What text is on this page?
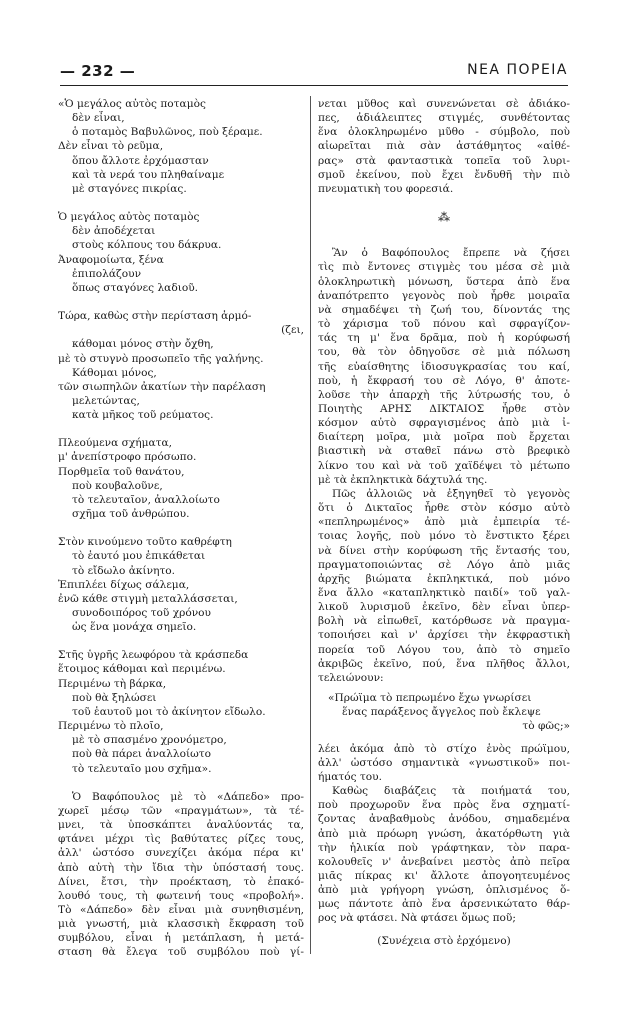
— 232 —	ΝΕΑ ΠΟΡΕΙΑ
«Ὁ μεγάλος αὐτὸς ποταμὸς
δὲν εἶναι,
ὁ ποταμὸς Βαβυλῶνος, ποὺ ξέραμε.
Δὲν εἶναι τὸ ρεῦμα,
ὅπου ἄλλοτε ἐρχόμασταν
καὶ τὰ νερά του πληθαίναμε
μὲ σταγόνες πικρίας.
Ὁ μεγάλος αὐτὸς ποταμὸς
δὲν ἀποδέχεται
στοὺς κόλπους του δάκρυα.
Ἀναφομοίωτα, ξένα
ἐπιπολάζουν
ὅπως σταγόνες λαδιοῦ.
Τώρα, καθὼς στὴν περίσταση ἁρμό-
(ζει,
κάθομαι μόνος στὴν ὄχθη,
μὲ τὸ στυγνὸ προσωπεῖο τῆς γαλήνης.
Κάθομαι μόνος,
τῶν σιωπηλῶν ἀκατίων τὴν παρέλαση
μελετώντας,
κατὰ μῆκος τοῦ ρεύματος.
Πλεούμενα σχήματα,
μ' ἀνεπίστροφο πρόσωπο.
Πορθμεῖα τοῦ θανάτου,
ποὺ κουβαλοῦνε,
τὸ τελευταῖον, ἀναλλοίωτο
σχῆμα τοῦ ἀνθρώπου.
Στὸν κινούμενο τοῦτο καθρέφτη
τὸ ἑαυτό μου ἐπικάθεται
τὸ εἴδωλο ἀκίνητο.
Ἐπιπλέει δίχως σάλεμα,
ἐνῶ κάθε στιγμὴ μεταλλάσσεται,
συνοδοιπόρος τοῦ χρόνου
ὡς ἕνα μονάχα σημεῖο.
Στῆς ὑγρῆς λεωφόρου τὰ κράσπεδα
ἕτοιμος κάθομαι καὶ περιμένω.
Περιμένω τὴ βάρκα,
ποὺ θὰ ξηλώσει
τοῦ ἑαυτοῦ μοι τὸ ἀκίνητον εἴδωλο.
Περιμένω τὸ πλοῖο,
μὲ τὸ σπασμένο χρονόμετρο,
ποὺ θὰ πάρει ἀναλλοίωτο
τὸ τελευταῖο μου σχῆμα».
Ὁ Βαφόπουλος μὲ τὸ «Δάπεδο» προ-
χωρεῖ μέσῳ τῶν «πραγμάτων», τὰ τέ-
μνει, τὰ ὑποσκάπτει ἀναλύοντάς τα,
φτάνει μέχρι τὶς βαθύτατες ρίζες τους,
ἀλλ' ὡστόσο συνεχίζει ἀκόμα πέρα κι'
ἀπὸ αὐτὴ τὴν ἴδια τὴν ὑπόστασή τους.
Δίνει, ἔτσι, τὴν προέκταση, τὸ ἐπακό-
λουθό τους, τὴ φωτεινή τους «προβολή».
Τὸ «Δάπεδο» δὲν εἶναι μιὰ συνηθισμένη,
μιὰ γνωστή, μιὰ κλασσικὴ ἔκφραση τοῦ
συμβόλου, εἶναι ἡ μετάπλαση, ἡ μετά-
σταση θὰ ἔλεγα τοῦ συμβόλου ποὺ γί-
νεται μῦθος καὶ συνενώνεται σὲ ἀδιάκο-
πες, ἀδιάλειπτες στιγμές, συνθέτοντας
ἕνα ὁλοκληρωμένο μῦθο - σύμβολο, ποὺ
αἰωρεῖται πιὰ σὰν ἀστάθμητος «αἰθέ-
ρας» στὰ φανταστικὰ τοπεῖα τοῦ λυρι-
σμοῦ ἐκείνου, ποὺ ἔχει ἔνδυθῆ τὴν πιὸ
πνευματικὴ του φορεσιά.
⁂
Ἂν ὁ Βαφόπουλος ἔπρεπε νὰ ζήσει
τὶς πιὸ ἔντονες στιγμὲς του μέσα σὲ μιὰ
ὁλοκληρωτικὴ μόνωση, ὕστερα ἀπὸ ἕνα
ἀναπότρεπτο γεγονὸς ποὺ ἦρθε μοιραῖα
νὰ σημαδέψει τὴ ζωή του, δίνοντάς της
τὸ χάρισμα τοῦ πόνου καὶ σφραγίζον-
τάς τη μ' ἕνα δρᾶμα, ποὺ ἡ κορύφωσή
του, θὰ τὸν ὁδηγοῦσε σὲ μιὰ πόλωση
τῆς εὐαίσθητης ἰδιοσυγκρασίας του καί,
ποὺ, ἡ ἔκφρασή του σὲ Λόγο, θ' ἀποτε-
λοῦσε τὴν ἀπαρχὴ τῆς λύτρωσής του, ὁ
Ποιητὴς ΑΡΗΣ ΔΙΚΤΑΙΟΣ ἦρθε στὸν
κόσμον αὐτὸ σφραγισμένος ἀπὸ μιὰ ἰ-
διαίτερη μοῖρα, μιὰ μοῖρα ποὺ ἔρχεται
βιαστικὴ νὰ σταθεῖ πάνω στὸ βρεφικὸ
λίκνο του καὶ νὰ τοῦ χαϊδέψει τὸ μέτωπο
μὲ τὰ ἐκπληκτικὰ δάχτυλά της.
Πῶς ἀλλοιῶς νὰ ἐξηγηθεῖ τὸ γεγονὸς
ὅτι ὁ Δικταῖος ἦρθε στὸν κόσμο αὐτὸ
«πεπληρωμένος» ἀπὸ μιὰ ἐμπειρία τέ-
τοιας λογῆς, ποὺ μόνο τὸ ἔνστικτο ξέρει
νὰ δίνει στὴν κορύφωση τῆς ἔντασής του,
πραγματοποιώντας σὲ Λόγο ἀπὸ μιᾶς
ἀρχῆς βιώματα ἐκπληκτικά, ποὺ μόνο
ἕνα ἄλλο «καταπληκτικὸ παιδί» τοῦ γαλ-
λικοῦ λυρισμοῦ ἐκεῖνο, δὲν εἶναι ὑπερ-
βολὴ νὰ εἰπωθεῖ, κατόρθωσε νὰ πραγμα-
τοποιήσει καὶ ν' ἀρχίσει τὴν ἐκφραστικὴ
πορεία τοῦ Λόγου του, ἀπὸ τὸ σημεῖο
ἀκριβῶς ἐκεῖνο, πού, ἕνα πλῆθος ἄλλοι,
τελειώνουν:
«Πρώϊμα τὸ πεπρωμένο ἔχω γνωρίσει
ἕνας παράξενος ἄγγελος ποὺ ἔκλεψε
τὸ φῶς;»
λέει ἀκόμα ἀπὸ τὸ στίχο ἑνὸς πρώϊμου,
ἀλλ' ὡστόσο σημαντικὰ «γνωστικοῦ» ποι-
ήματός του.
Καθὼς διαβάζεις τὰ ποιήματά του,
ποὺ προχωροῦν ἕνα πρὸς ἕνα σχηματί-
ζοντας ἀναβαθμοὺς ἀνόδου, σημαδεμένα
ἀπὸ μιὰ πρόωρη γνώση, ἀκατόρθωτη γιὰ
τὴν ἡλικία ποὺ γράφτηκαν, τὸν παρα-
κολουθεῖς ν' ἀνεβαίνει μεστὸς ἀπὸ πεῖρα
μιᾶς πίκρας κι' ἄλλοτε ἀπογοητευμένος
ἀπὸ μιὰ γρήγορη γνώση, ὁπλισμένος ὅ-
μως πάντοτε ἀπὸ ἕνα ἀρσενικώτατο θάρ-
ρος νὰ φτάσει. Νὰ φτάσει ὅμως ποῦ;
(Συνέχεια στὸ ἐρχόμενο)
